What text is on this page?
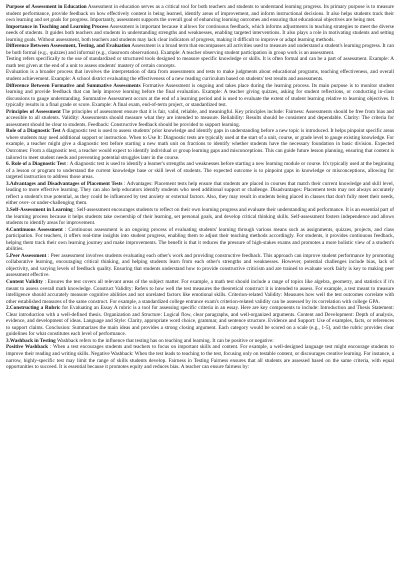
​

Purpose of Assessment in Education Assessment in education serves as a critical tool for both teachers and students to understand learning progress. Its primary purpose is to measure student performance, provide feedback on how effectively content is being learned, identify areas of improvement, and inform instructional decisions. It also helps students track their own learning and set goals for progress. Importantly, assessment supports the overall goal of enhancing learning outcomes and ensuring that educational objectives are being met.

Importance in Teaching and Learning Process Assessment is important because it allows for continuous feedback, which informs adjustments in teaching strategies to meet the diverse needs of students. It guides both teachers and students in understanding strengths and weaknesses, enabling targeted interventions. It also plays a role in motivating students and setting learning goals. Without assessment, both teachers and students may lack clear indicators of progress, making it difficult to improve or adapt learning methods.

Difference Between Assessment, Testing, and Evaluation Assessment is a broad term that encompasses all activities used to measure and understand a student's learning progress. It can be both formal (e.g., quizzes) and informal (e.g., classroom observations). Example: A teacher observing student participation in group work is an assessment.

Testing refers specifically to the use of standardized or structured tools designed to measure specific knowledge or skills. It is often formal and can be a part of assessment. Example: A math test given at the end of a unit to assess students' mastery of certain concepts.

Evaluation is a broader process that involves the interpretation of data from assessments and tests to make judgments about educational programs, teaching effectiveness, and overall student achievement. Example: A school district evaluating the effectiveness of a new reading curriculum based on students' test results and assessments.

Difference Between Formative and Summative Assessments Formative Assessment is ongoing and takes place during the learning process. Its main purpose is to monitor student learning and provide feedback that can help improve learning before the final evaluation. Example: A teacher giving quizzes, asking for student reflections, or conducting in-class discussions to gauge understanding. Summative Assessment occurs at the end of a learning period and is used to evaluate the extent of student learning relative to learning objectives. It typically results in a final grade or score. Example: A final exam, end-of-term project, or standardized test.

Principles of Assessment The principles of assessment ensure that it is fair, valid, reliable, and meaningful. Key principles include: Fairness: Assessments should be free from bias and accessible to all students. Validity: Assessments should measure what they are intended to measure. Reliability: Results should be consistent and dependable. Clarity: The criteria for assessment should be clear to students. Feedback: Constructive feedback should be provided to support learning.

Role of a Diagnostic Test A diagnostic test is used to assess students' prior knowledge and identify gaps in understanding before a new topic is introduced. It helps pinpoint specific areas where students may need additional support or instruction. When to Use It: Diagnostic tests are typically used at the start of a unit, course, or grade level to gauge existing knowledge. For example, a teacher might give a diagnostic test before starting a new math unit on fractions to identify whether students have the necessary foundation in basic division. Expected Outcomes: From a diagnostic test, a teacher would expect to identify individual or group learning gaps and misconceptions. This can guide future lesson planning, ensuring that content is tailored to meet student needs and preventing potential struggles later in the course.

6. Role of a Diagnostic Test : A diagnostic test is used to identify a learner's strengths and weaknesses before starting a new learning module or course. It's typically used at the beginning of a lesson or program to understand the current knowledge base or skill level of students. The expected outcome is to pinpoint gaps in knowledge or misconceptions, allowing for targeted instruction to address those areas.

3.Advantages and Disadvantages of Placement Tests : Advantages: Placement tests help ensure that students are placed in courses that match their current knowledge and skill level, leading to more effective learning. They can also help educators identify students who need additional support or challenge. Disadvantages: Placement tests may not always accurately reflect a student's true potential, as they could be influenced by test anxiety or external factors. Also, they may result in students being placed in classes that don't fully meet their needs, either over- or under-challenging them.

3.Self-Assessment in Learning : Self-assessment encourages students to reflect on their own learning progress and evaluate their understanding and performance. It is an essential part of the learning process because it helps students take ownership of their learning, set personal goals, and develop critical thinking skills. Self-assessment fosters independence and allows students to identify areas for improvement.

4.Continuous Assessment : Continuous assessment is an ongoing process of evaluating students' learning through various means such as assignments, quizzes, projects, and class participation. For teachers, it offers real-time insights into student progress, enabling them to adjust their teaching methods accordingly. For students, it provides continuous feedback, helping them track their own learning journey and make improvements. The benefit is that it reduces the pressure of high-stakes exams and promotes a more holistic view of a student's abilities.

5.Peer Assessment : Peer assessment involves students evaluating each other's work and providing constructive feedback. This approach can improve student performance by promoting collaborative learning, encouraging critical thinking, and helping students learn from each other's strengths and weaknesses. However, potential challenges include bias, lack of objectivity, and varying levels of feedback quality. Ensuring that students understand how to provide constructive criticism and are trained to evaluate work fairly is key to making peer assessment effective.

Content Validity : Ensures the test covers all relevant areas of the subject matter. For example, a math test should include a range of topics like algebra, geometry, and statistics if it's meant to assess overall math knowledge. Construct Validity: Refers to how well the test measures the theoretical construct it is intended to assess. For example, a test meant to measure intelligence should accurately measure cognitive abilities and not unrelated factors like emotional skills. Criterion-related Validity: Measures how well the test outcomes correlate with other established measures of the same construct. For example, a standardized college entrance exam's criterion-related validity can be assessed by its correlation with college GPA.

2.Constructing a Rubric for Evaluating an Essay A rubric is a tool for assessing specific criteria in an essay. Here are key components to include: Introduction and Thesis Statement: Clear introduction with a well-defined thesis. Organization and Structure: Logical flow, clear paragraphs, and well-organized arguments. Content and Development: Depth of analysis, evidence, and development of ideas. Language and Style: Clarity, appropriate word choice, grammar, and sentence structure. Evidence and Support: Use of examples, facts, or references to support claims. Conclusion: Summarizes the main ideas and provides a strong closing argument. Each category would be scored on a scale (e.g., 1-5), and the rubric provides clear guidelines for what constitutes each level of performance.

3.Washback in Testing Washback refers to the influence that testing has on teaching and learning. It can be positive or negative:

Positive Washback : When a test encourages students and teachers to focus on important skills and content. For example, a well-designed language test might encourage students to improve their reading and writing skills. Negative Washback: When the test leads to teaching to the test, focusing only on testable content, or discourages creative learning. For instance, a narrow, highly-specific test may limit the range of skills students develop. Fairness in Testing Fairness ensures that all students are assessed based on the same criteria, with equal opportunities to succeed. It is essential because it promotes equity and reduces bias. A teacher can ensure fairness by:
